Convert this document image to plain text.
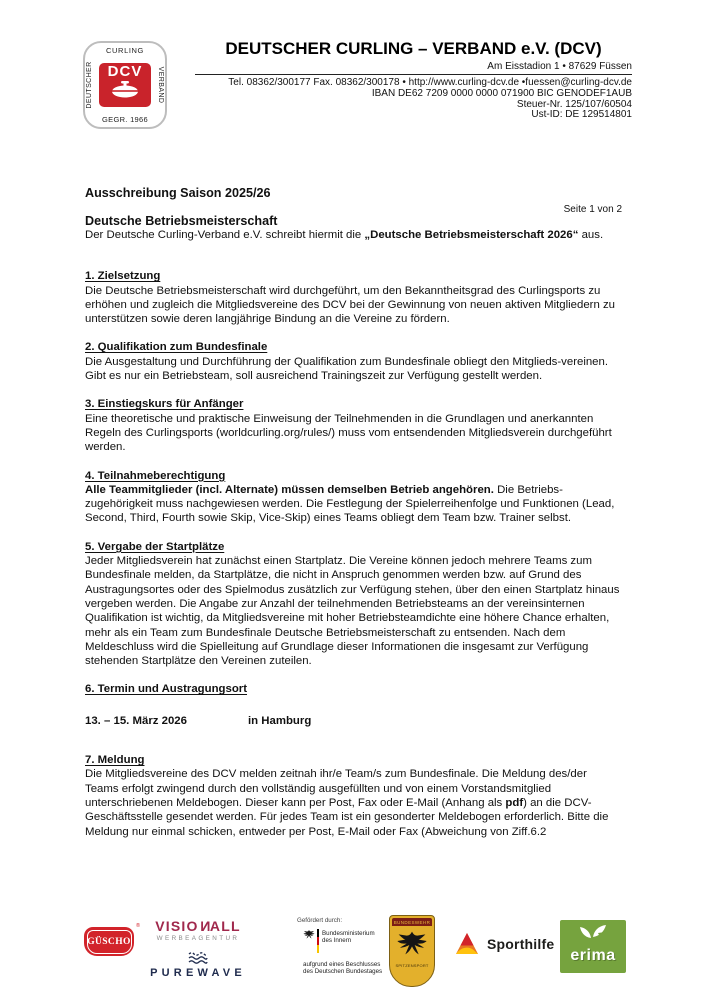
CURLING
DEUTSCHER	VERBAND
GEGR. 1966
DCV
DEUTSCHER CURLING – VERBAND e.V. (DCV)
Am Eisstadion 1 • 87629 Füssen
Tel. 08362/300177 Fax. 08362/300178 • http://www.curling-dcv.de •fuessen@curling-dcv.de
IBAN DE62 7209 0000 0000 071900 BIC GENODEF1AUB
Steuer-Nr. 125/107/60504
Ust-ID: DE 129514801

Ausschreibung Saison 2025/26

Seite 1 von 2

Deutsche Betriebsmeisterschaft

Der Deutsche Curling-Verband e.V. schreibt hiermit die „Deutsche Betriebsmeisterschaft 2026“ aus.

1. Zielsetzung

Die Deutsche Betriebsmeisterschaft wird durchgeführt, um den Bekanntheitsgrad des Curlingsports zu erhöhen und zugleich die Mitgliedsvereine des DCV bei der Gewinnung von neuen aktiven Mitgliedern zu unterstützen sowie deren langjährige Bindung an die Vereine zu fördern.

2. Qualifikation zum Bundesfinale

Die Ausgestaltung und Durchführung der Qualifikation zum Bundesfinale obliegt den Mitglieds-vereinen. Gibt es nur ein Betriebsteam, soll ausreichend Trainingszeit zur Verfügung gestellt werden.

3. Einstiegskurs für Anfänger

Eine theoretische und praktische Einweisung der Teilnehmenden in die Grundlagen und anerkannten Regeln des Curlingsports (worldcurling.org/rules/) muss vom entsendenden Mitgliedsverein durchgeführt werden.

4. Teilnahmeberechtigung

Alle Teammitglieder (incl. Alternate) müssen demselben Betrieb angehören. Die Betriebs-zugehörigkeit muss nachgewiesen werden. Die Festlegung der Spielerreihenfolge und Funktionen (Lead, Second, Third, Fourth sowie Skip, Vice-Skip) eines Teams obliegt dem Team bzw. Trainer selbst.

5. Vergabe der Startplätze

Jeder Mitgliedsverein hat zunächst einen Startplatz. Die Vereine können jedoch mehrere Teams zum Bundesfinale melden, da Startplätze, die nicht in Anspruch genommen werden bzw. auf Grund des Austragungsortes oder des Spielmodus zusätzlich zur Verfügung stehen, über den einen Startplatz hinaus vergeben werden. Die Angabe zur Anzahl der teilnehmenden Betriebsteams an der vereinsinternen Qualifikation ist wichtig, da Mitgliedsvereine mit hoher Betriebsteamdichte eine höhere Chance erhalten, mehr als ein Team zum Bundesfinale Deutsche Betriebsmeisterschaft zu entsenden. Nach dem Meldeschluss wird die Spielleitung auf Grundlage dieser Informationen die insgesamt zur Verfügung stehenden Startplätze den Vereinen zuteilen.

6. Termin und Austragungsort
13. – 15. März 2026	in Hamburg
7. Meldung

Die Mitgliedsvereine des DCV melden zeitnah ihr/e Team/s zum Bundesfinale. Die Meldung des/der Teams erfolgt zwingend durch den vollständig ausgefüllten und von einem Vorstandsmitglied unterschriebenen Meldebogen. Dieser kann per Post, Fax oder E-Mail (Anhang als pdf) an die DCV-Geschäftsstelle gesendet werden. Für jedes Team ist ein gesonderter Meldebogen erforderlich. Bitte die Meldung nur einmal schicken, entweder per Post, E-Mail oder Fax (Abweichung von Ziff.6.2

GÜSCHO
®	VISIONALL
WERBEAGENTUR
PUREWAVE
Gefördert durch:
Bundesministerium
des Innern
aufgrund eines Beschlusses
des Deutschen Bundestages
BUNDESWEHR
SPITZENSPORT
Sporthilfe
erima
